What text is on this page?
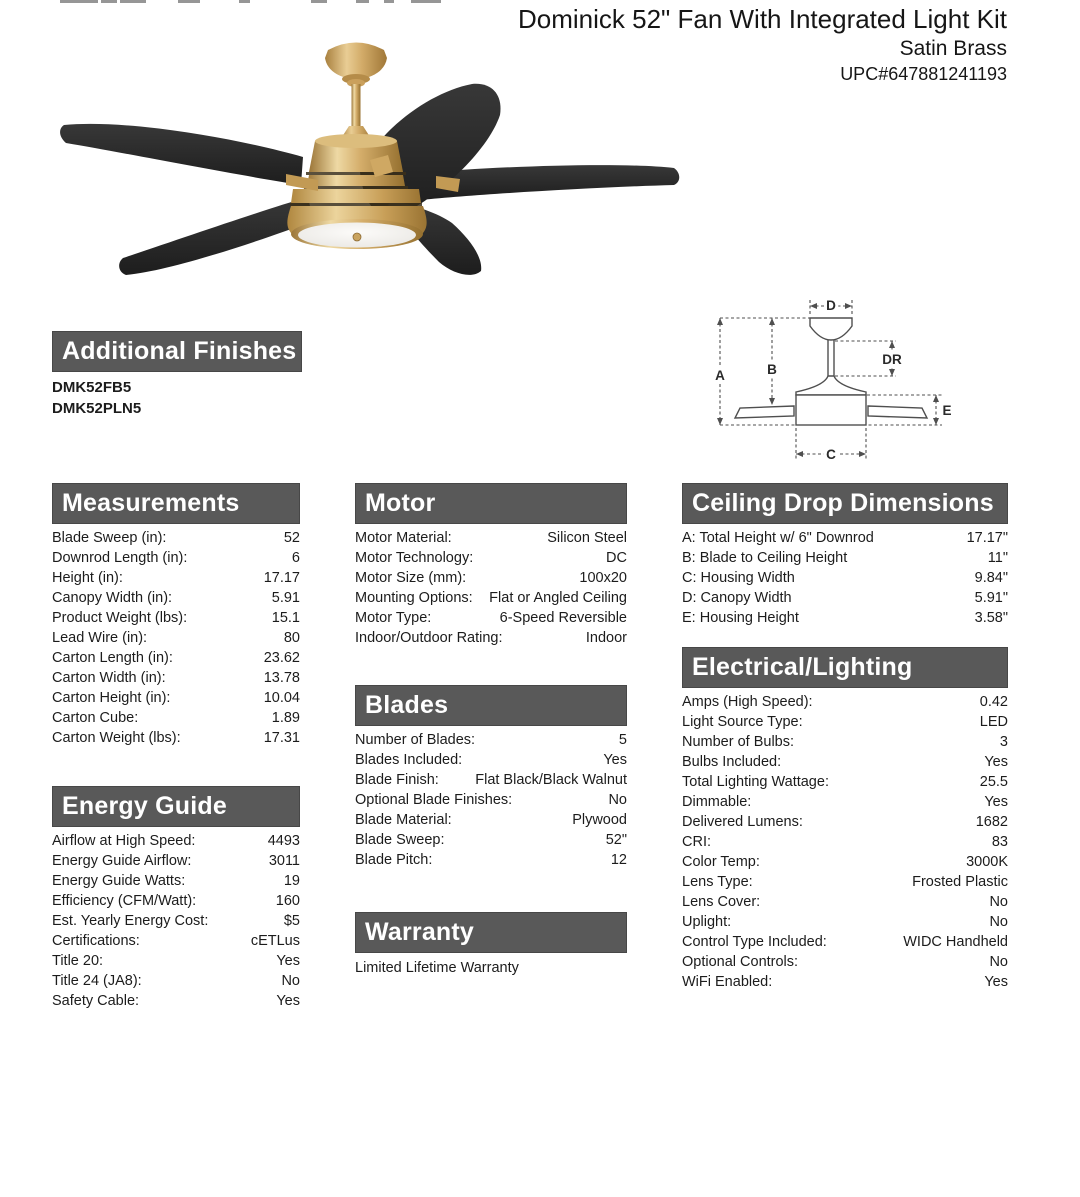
Dominick 52" Fan With Integrated Light Kit
Satin Brass
UPC#647881241193
A	B
C
D
E
DR
Additional Finishes
DMK52FB5
DMK52PLN5
Measurements
Blade Sweep (in):	52
Downrod Length (in):	6
Height (in):	17.17
Canopy Width (in):	5.91
Product Weight (lbs):	15.1
Lead Wire (in):	80
Carton Length (in):	23.62
Carton Width (in):	13.78
Carton Height (in):	10.04
Carton Cube:	1.89
Carton Weight (lbs):	17.31
Energy Guide
Airflow at High Speed:	4493
Energy Guide Airflow:	3011
Energy Guide Watts:	19
Efficiency (CFM/Watt):	160
Est. Yearly Energy Cost:	$5
Certifications:	cETLus
Title 20:	Yes
Title 24 (JA8):	No
Safety Cable:	Yes
Motor
Motor Material:	Silicon Steel
Motor Technology:	DC
Motor Size (mm):	100x20
Mounting Options: Flat or Angled Ceiling
Motor Type:	6-Speed Reversible
Indoor/Outdoor Rating:	Indoor
Blades
Number of Blades:	5
Blades Included:	Yes
Blade Finish:	Flat Black/Black Walnut
Optional Blade Finishes:	No
Blade Material:	Plywood
Blade Sweep:	52"
Blade Pitch:	12
Warranty
Limited Lifetime Warranty
Ceiling Drop Dimensions
A: Total Height w/ 6" Downrod	17.17"
B: Blade to Ceiling Height	11"
C: Housing Width	9.84"
D: Canopy Width	5.91"
E: Housing Height	3.58"
Electrical/Lighting
Amps (High Speed):	0.42
Light Source Type:	LED
Number of Bulbs:	3
Bulbs Included:	Yes
Total Lighting Wattage:	25.5
Dimmable:	Yes
Delivered Lumens:	1682
CRI:	83
Color Temp:	3000K
Lens Type:	Frosted Plastic
Lens Cover:	No
Uplight:	No
Control Type Included:	WIDC Handheld
Optional Controls:	No
WiFi Enabled:	Yes
